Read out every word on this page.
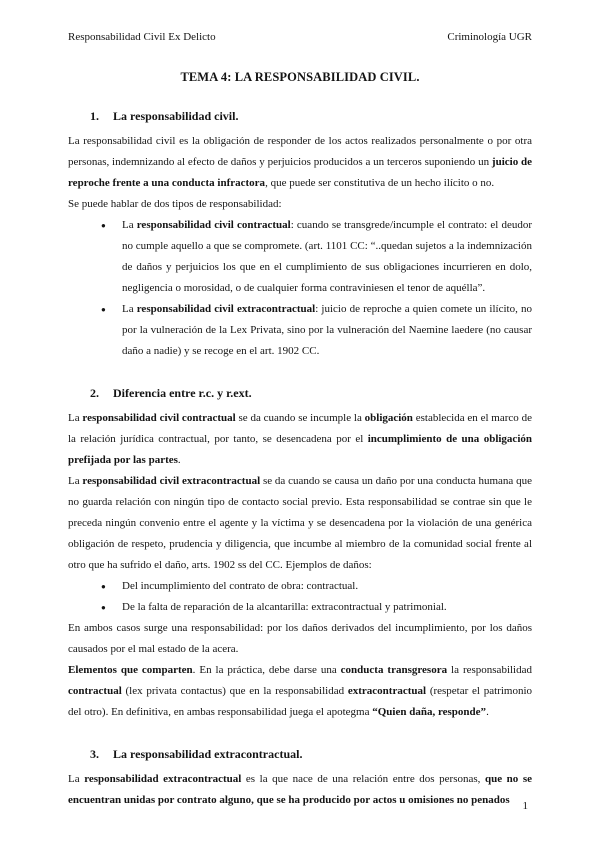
Responsabilidad Civil Ex Delicto	Criminología UGR
TEMA 4: LA RESPONSABILIDAD CIVIL.
1. La responsabilidad civil.

La responsabilidad civil es la obligación de responder de los actos realizados personalmente o por otra personas, indemnizando al efecto de daños y perjuicios producidos a un terceros suponiendo un juicio de reproche frente a una conducta infractora, que puede ser constitutiva de un hecho ilícito o no.

Se puede hablar de dos tipos de responsabilidad:

● La responsabilidad civil contractual: cuando se transgrede/incumple el contrato: el deudor no cumple aquello a que se compromete. (art. 1101 CC: “..quedan sujetos a la indemnización de daños y perjuicios los que en el cumplimiento de sus obligaciones incurrieren en dolo, negligencia o morosidad, o de cualquier forma contraviniesen el tenor de aquélla”.
● La responsabilidad civil extracontractual: juicio de reproche a quien comete un ilícito, no por la vulneración de la Lex Privata, sino por la vulneración del Naemine laedere (no causar daño a nadie) y se recoge en el art. 1902 CC.
2. Diferencia entre r.c. y r.ext.

La responsabilidad civil contractual se da cuando se incumple la obligación establecida en el marco de la relación jurídica contractual, por tanto, se desencadena por el incumplimiento de una obligación prefijada por las partes.

La responsabilidad civil extracontractual se da cuando se causa un daño por una conducta humana que no guarda relación con ningún tipo de contacto social previo. Esta responsabilidad se contrae sin que le preceda ningún convenio entre el agente y la víctima y se desencadena por la violación de una genérica obligación de respeto, prudencia y diligencia, que incumbe al miembro de la comunidad social frente al otro que ha sufrido el daño, arts. 1902 ss del CC. Ejemplos de daños:

● Del incumplimiento del contrato de obra: contractual.
● De la falta de reparación de la alcantarilla: extracontractual y patrimonial.

En ambos casos surge una responsabilidad: por los daños derivados del incumplimiento, por los daños causados por el mal estado de la acera.

Elementos que comparten. En la práctica, debe darse una conducta transgresora la responsabilidad contractual (lex privata contactus) que en la responsabilidad extracontractual (respetar el patrimonio del otro). En definitiva, en ambas responsabilidad juega el apotegma “Quien daña, responde”.

3. La responsabilidad extracontractual.

La responsabilidad extracontractual es la que nace de una relación entre dos personas, que no se encuentran unidas por contrato alguno, que se ha producido por actos u omisiones no penados	1
